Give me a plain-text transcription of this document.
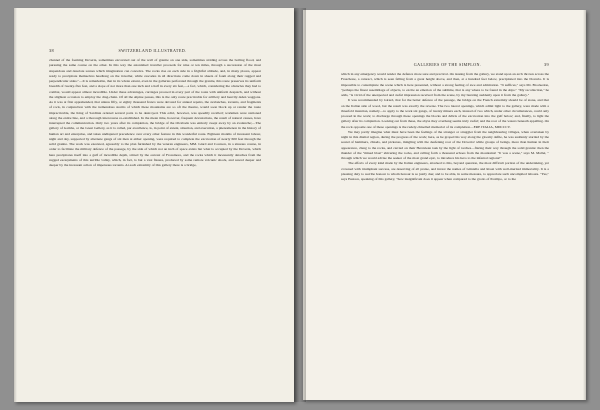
38	SWITZERLAND ILLUSTRATED.

channel of the foaming Doveria, sometimes excavated out of the wall of granite on one side, sometimes striding across the boiling flood, and pursuing the same course on the other. In this way the astonished traveller proceeds for nine or ten miles, through a succession of the most stupendous and desolate scenes which imagination can conceive. The rocks rise on each side in a frightful altitude, and, in many places, appear ready to precipitate themselves headlong on the traveller, while cascades in all directions come down in sheets of foam along their rugged and perpendicular sides."—It is remarkable, that in its whole extent, even in the galleries perforated through the granite, this route preserves its uniform breadth of twenty-five feet, and a slope of not more than one inch and a half in every six feet,—a fact, which, considering the obstacles they had to combat, would appear almost incredible. Under these advantages, carriages proceed in every part of the route with uniform despatch, and without the slightest occasion to employ the drag-chain. Of all the Alpine passes, this is the only route practicable for artillery and heavily-laden waggons. As it was at first apprehended, that unless fifty, or eighty thousand francs were devoted for annual repairs, the avalanches, torrents, and fragments of rock, in conjunction with the tremendous storms of which these mountains are so oft the theatre, would soon block up or render the route impracticable, the King of Sardinia ordered several parts to be destroyed. This edict, however, was speedily recalled; workmen were stationed along the entire line, and a thorough intercourse re-established. In the mean time, however, frequent devastations, the result of natural causes, have interrupted the communication. Only two years after its completion, the bridge of the Olcabada was entirely swept away by an avalanche;—The gallery of Gamba, or the Great Gallery, as it is called, par excellence, is, in point of extent, situation, and execution, a phenomenon in the history of human art and enterprise, and takes undisputed precedence over every other feature in this wonderful route. Eighteen months of incessant labour, night and day, supported by alternate gangs of six men at either opening, were required to complete the excavation of nearly 600 feet through the solid granite. The work was executed, agreeably to the plan furnished by the veteran engineers, MM. Giard and Courson, in a sinuous course, in order to facilitate the military defence of the passage, by the side of which not an inch of space exists but what is occupied by the Doveria, which here precipitates itself into a gulf of incredible depth, stirred by the outcast of Frossinore, and the rocks which it incessantly detaches from the rugged escarpments of this terrible valley, which, in fact, is but a vast fissure, produced by some remote volcanic shock, and sawed deeper and deeper by the incessant action of impetuous torrents. At each extremity of this gallery there is a bridge,

GALLERIES OF THE SIMPLON.	39

which in any emergency would render the defence more sure and practical. On issuing from the gallery, we stand upon an arch thrown across the Fraschone, a cataract, which is seen falling from a great height above, and then, at a hundred feet below, precipitated into the Doveria. It is impossible to contemplate the scene which is here presented, without a strong feeling of awe and admiration. "It suffices," says Mr. Brockedon, "perhaps the finest assemblage of objects, to excite an emotion of the sublime, that is any where to be found in the Alps." "My recollection," he adds, "is vivid of the unexpected and awful impression received from the scene, by my bursting suddenly upon it from the gallery."

It was recommended by Girard, that for the better defence of the passage, the bridge on the French extremity should be of stone, and that on the Italian side of wood, but the result was exactly the reverse. The two lateral openings, which admit light to the gallery, were made with a threefold intention, namely—to apply to the work six gangs, of twenty miners each, instead of two which, under other circumstances, could only proceed in the work; to discharge through these openings the blocks and débris of the excavation into the gulf below; and, finally, to light the gallery after its completion. Looking out from these, the abyss they overhang seems truly awful; and the roar of the waters beneath appalling. On the rock opposite one of these openings is the rudely-chiselled memorial of its completion—ERE ITALIA, MDCCCV.

We may partly imagine what must have been the feelings of the stranger or struggler from the neighbouring villages, when overtaken by night in this dismal region, during the progress of the work; here, as he groped his way along the gloomy defile, he was suddenly startled by the sound of hammers, chisels, and pickaxes, mingling with the deafening roar of the Doveria! while groups of beings, more than human in their appearance, clung to the rocks, and carried on their Herculean task by the light of torches—flaring their way through the solid granite: then the thunder of the "mined blast" shivering the rocks, and calling forth a thousand echoes from the mountains! "It was a scene," says M. Mallet, " through which we would advise the seeker of the most grand epic, to introduce his hero to the infernal regions!"

The efforts of every kind made by the Italian engineers, attacked to this, beyond question, the most difficult portion of the undertaking, yet crowned with triumphant success, are deserving of all praise, and invest the names of Giintella and Rossi with well-merited immortality. It is a pleasing duty to ascribe honour to whom honour is so justly due; and to be able, in some measure, to appreciate such uncompiled labours. "Yes," says Eustace, speaking of this gallery, "how insignificant does it appear when compared to the grotto of Posilipo, or to the
